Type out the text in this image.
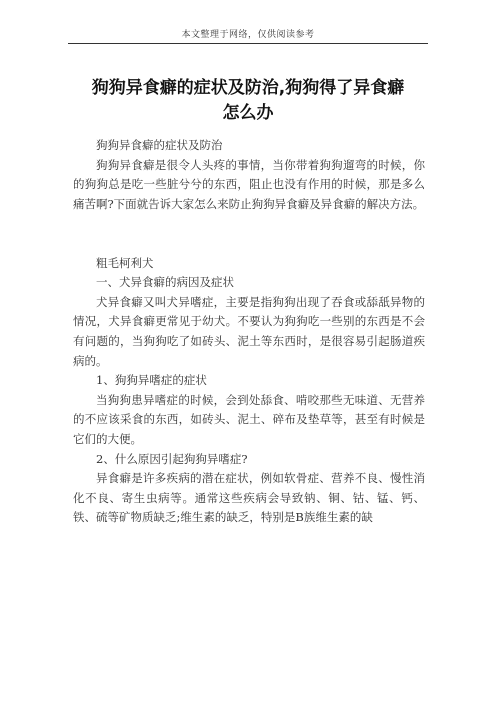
本文整理于网络，仅供阅读参考
狗狗异食癖的症状及防治,狗狗得了异食癖
怎么办

狗狗异食癖的症状及防治

狗狗异食癖是很令人头疼的事情，当你带着狗狗遛弯的时候，你的狗狗总是吃一些脏兮兮的东西，阻止也没有作用的时候，那是多么痛苦啊?下面就告诉大家怎么来防止狗狗异食癖及异食癖的解决方法。

粗毛柯利犬

一、犬异食癖的病因及症状

犬异食癖又叫犬异嗜症，主要是指狗狗出现了吞食或舔舐异物的情况，犬异食癖更常见于幼犬。不要认为狗狗吃一些别的东西是不会有问题的，当狗狗吃了如砖头、泥土等东西时，是很容易引起肠道疾病的。

1、狗狗异嗜症的症状

当狗狗患异嗜症的时候，会到处舔食、啃咬那些无味道、无营养的不应该采食的东西，如砖头、泥土、碎布及垫草等，甚至有时候是它们的大便。

2、什么原因引起狗狗异嗜症?

异食癖是许多疾病的潜在症状，例如软骨症、营养不良、慢性消化不良、寄生虫病等。通常这些疾病会导致钠、铜、钴、锰、钙、铁、硫等矿物质缺乏;维生素的缺乏，特别是B族维生素的缺
